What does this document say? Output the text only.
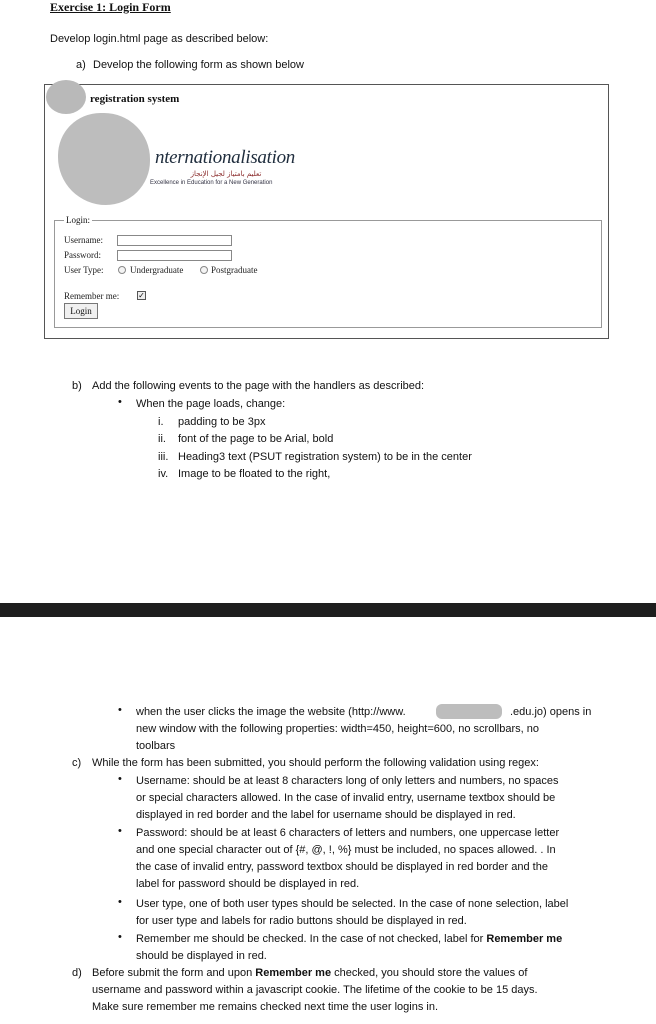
Exercise 1: Login Form
Develop login.html page as described below:
a) Develop the following form as shown below
registration system
nternationalisation
تعليم بامتياز لجيل الإنجاز
Excellence in Education for a New Generation
Login:
Username:
Password:
User Type:	Undergraduate	Postgraduate
Remember me: ✓
Login
b) Add the following events to the page with the handlers as described:
• When the page loads, change:
i. padding to be 3px
ii. font of the page to be Arial, bold
iii. Heading3 text (PSUT registration system) to be in the center
iv. Image to be floated to the right,
• when the user clicks the image the website (http://www.	.edu.jo) opens in
new window with the following properties: width=450, height=600, no scrollbars, no
toolbars
c) While the form has been submitted, you should perform the following validation using regex:
• Username: should be at least 8 characters long of only letters and numbers, no spaces
or special characters allowed. In the case of invalid entry, username textbox should be
displayed in red border and the label for username should be displayed in red.
• Password: should be at least 6 characters of letters and numbers, one uppercase letter
and one special character out of {#, @, !, %} must be included, no spaces allowed. . In
the case of invalid entry, password textbox should be displayed in red border and the
label for password should be displayed in red.
• User type, one of both user types should be selected. In the case of none selection, label
for user type and labels for radio buttons should be displayed in red.
• Remember me should be checked. In the case of not checked, label for Remember me
should be displayed in red.
d) Before submit the form and upon Remember me checked, you should store the values of
username and password within a javascript cookie. The lifetime of the cookie to be 15 days.
Make sure remember me remains checked next time the user logins in.
